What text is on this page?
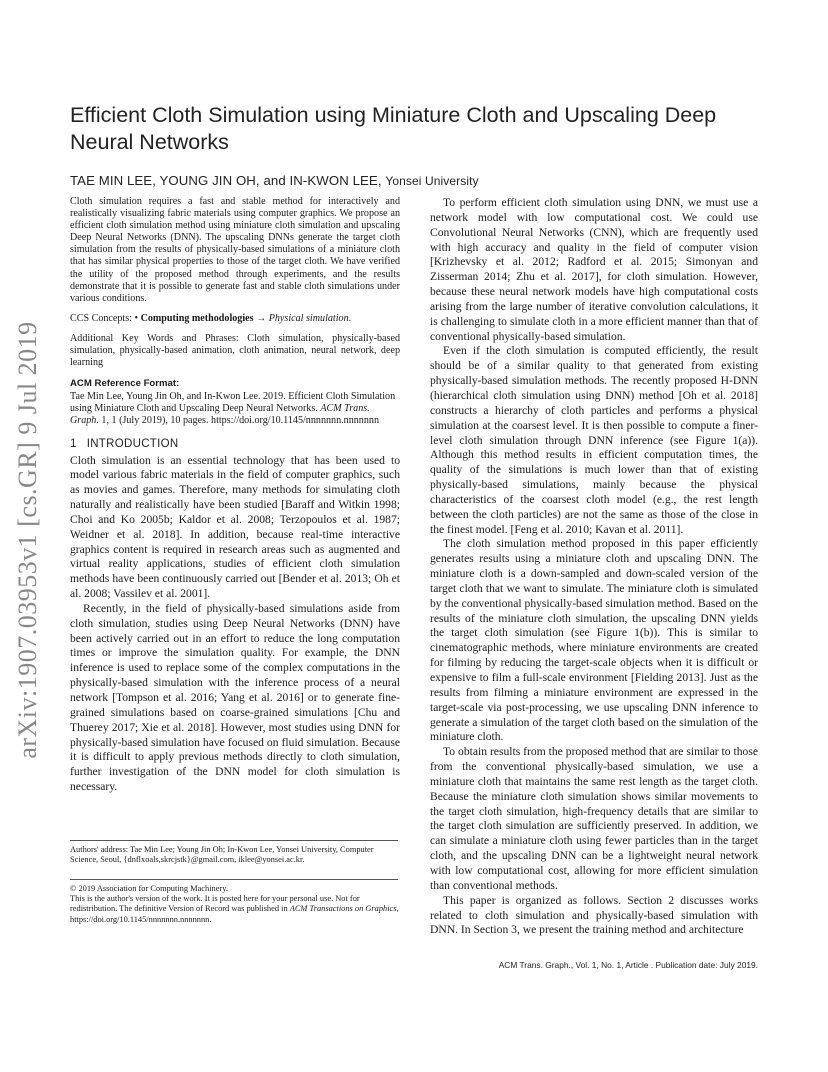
arXiv:1907.03953v1 [cs.GR] 9 Jul 2019
Efficient Cloth Simulation using Miniature Cloth and Upscaling Deep Neural Networks
TAE MIN LEE, YOUNG JIN OH, and IN-KWON LEE, Yonsei University

Cloth simulation requires a fast and stable method for interactively and realistically visualizing fabric materials using computer graphics. We propose an efficient cloth simulation method using miniature cloth simulation and upscaling Deep Neural Networks (DNN). The upscaling DNNs generate the target cloth simulation from the results of physically-based simulations of a miniature cloth that has similar physical properties to those of the target cloth. We have verified the utility of the proposed method through experiments, and the results demonstrate that it is possible to generate fast and stable cloth simulations under various conditions.

CCS Concepts: • Computing methodologies → Physical simulation.

Additional Key Words and Phrases: Cloth simulation, physically-based simulation, physically-based animation, cloth animation, neural network, deep learning

ACM Reference Format:

Tae Min Lee, Young Jin Oh, and In-Kwon Lee. 2019. Efficient Cloth Simulation using Miniature Cloth and Upscaling Deep Neural Networks. ACM Trans. Graph. 1, 1 (July 2019), 10 pages. https://doi.org/10.1145/nnnnnnn.nnnnnnn

1 INTRODUCTION

Cloth simulation is an essential technology that has been used to model various fabric materials in the field of computer graphics, such as movies and games. Therefore, many methods for simulating cloth naturally and realistically have been studied [Baraff and Witkin 1998; Choi and Ko 2005b; Kaldor et al. 2008; Terzopoulos et al. 1987; Weidner et al. 2018]. In addition, because real-time interactive graphics content is required in research areas such as augmented and virtual reality applications, studies of efficient cloth simulation methods have been continuously carried out [Bender et al. 2013; Oh et al. 2008; Vassilev et al. 2001].

Recently, in the field of physically-based simulations aside from cloth simulation, studies using Deep Neural Networks (DNN) have been actively carried out in an effort to reduce the long computation times or improve the simulation quality. For example, the DNN inference is used to replace some of the complex computations in the physically-based simulation with the inference process of a neural network [Tompson et al. 2016; Yang et al. 2016] or to generate fine-grained simulations based on coarse-grained simulations [Chu and Thuerey 2017; Xie et al. 2018]. However, most studies using DNN for physically-based simulation have focused on fluid simulation. Because it is difficult to apply previous methods directly to cloth simulation, further investigation of the DNN model for cloth simulation is necessary.

To perform efficient cloth simulation using DNN, we must use a network model with low computational cost. We could use Convolutional Neural Networks (CNN), which are frequently used with high accuracy and quality in the field of computer vision [Krizhevsky et al. 2012; Radford et al. 2015; Simonyan and Zisserman 2014; Zhu et al. 2017], for cloth simulation. However, because these neural network models have high computational costs arising from the large number of iterative convolution calculations, it is challenging to simulate cloth in a more efficient manner than that of conventional physically-based simulation.

Even if the cloth simulation is computed efficiently, the result should be of a similar quality to that generated from existing physically-based simulation methods. The recently proposed H-DNN (hierarchical cloth simulation using DNN) method [Oh et al. 2018] constructs a hierarchy of cloth particles and performs a physical simulation at the coarsest level. It is then possible to compute a finer-level cloth simulation through DNN inference (see Figure 1(a)). Although this method results in efficient computation times, the quality of the simulations is much lower than that of existing physically-based simulations, mainly because the physical characteristics of the coarsest cloth model (e.g., the rest length between the cloth particles) are not the same as those of the close in the finest model. [Feng et al. 2010; Kavan et al. 2011].

The cloth simulation method proposed in this paper efficiently generates results using a miniature cloth and upscaling DNN. The miniature cloth is a down-sampled and down-scaled version of the target cloth that we want to simulate. The miniature cloth is simulated by the conventional physically-based simulation method. Based on the results of the miniature cloth simulation, the upscaling DNN yields the target cloth simulation (see Figure 1(b)). This is similar to cinematographic methods, where miniature environments are created for filming by reducing the target-scale objects when it is difficult or expensive to film a full-scale environment [Fielding 2013]. Just as the results from filming a miniature environment are expressed in the target-scale via post-processing, we use upscaling DNN inference to generate a simulation of the target cloth based on the simulation of the miniature cloth.

To obtain results from the proposed method that are similar to those from the conventional physically-based simulation, we use a miniature cloth that maintains the same rest length as the target cloth. Because the miniature cloth simulation shows similar movements to the target cloth simulation, high-frequency details that are similar to the target cloth simulation are sufficiently preserved. In addition, we can simulate a miniature cloth using fewer particles than in the target cloth, and the upscaling DNN can be a lightweight neural network with low computational cost, allowing for more efficient simulation than conventional methods.

This paper is organized as follows. Section 2 discusses works related to cloth simulation and physically-based simulation with DNN. In Section 3, we present the training method and architecture

Authors' address: Tae Min Lee; Young Jin Oh; In-Kwon Lee, Yonsei University, Computer Science, Seoul, {dnflxoals,skrcjstk}@gmail.com, iklee@yonsei.ac.kr.
© 2019 Association for Computing Machinery.
This is the author's version of the work. It is posted here for your personal use. Not for redistribution. The definitive Version of Record was published in ACM Transactions on Graphics, https://doi.org/10.1145/nnnnnnn.nnnnnnn.
ACM Trans. Graph., Vol. 1, No. 1, Article . Publication date: July 2019.
